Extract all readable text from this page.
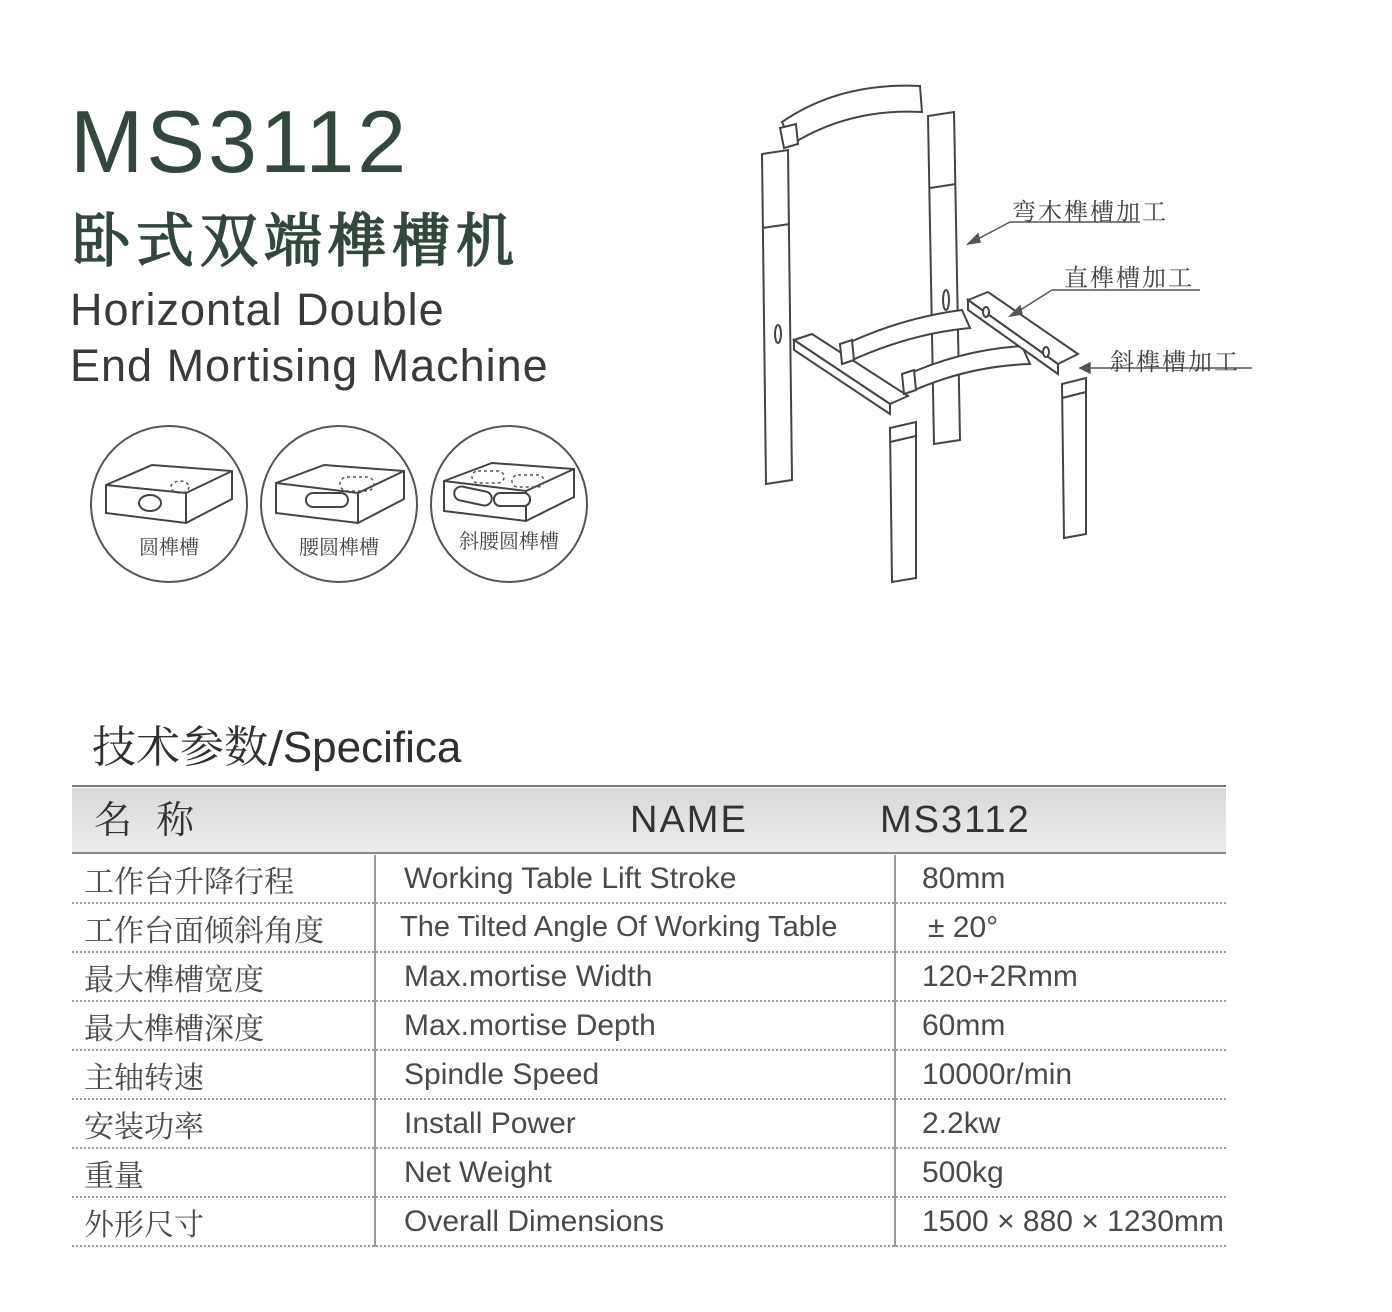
MS3112
卧式双端榫槽机
Horizontal Double
End Mortising Machine
圆榫槽	腰圆榫槽	斜腰圆榫槽
弯木榫槽加工
直榫槽加工
斜榫槽加工
技术参数/Specifica
名  称	NAME	MS3112
工作台升降行程	Working Table Lift Stroke	80mm
工作台面倾斜角度	The Tilted Angle Of Working Table	± 20°
最大榫槽宽度	Max.mortise Width	120+2Rmm
最大榫槽深度	Max.mortise Depth	60mm
主轴转速	Spindle Speed	10000r/min
安装功率	Install Power	2.2kw
重量	Net Weight	500kg
外形尺寸	Overall Dimensions	1500 × 880 × 1230mm
